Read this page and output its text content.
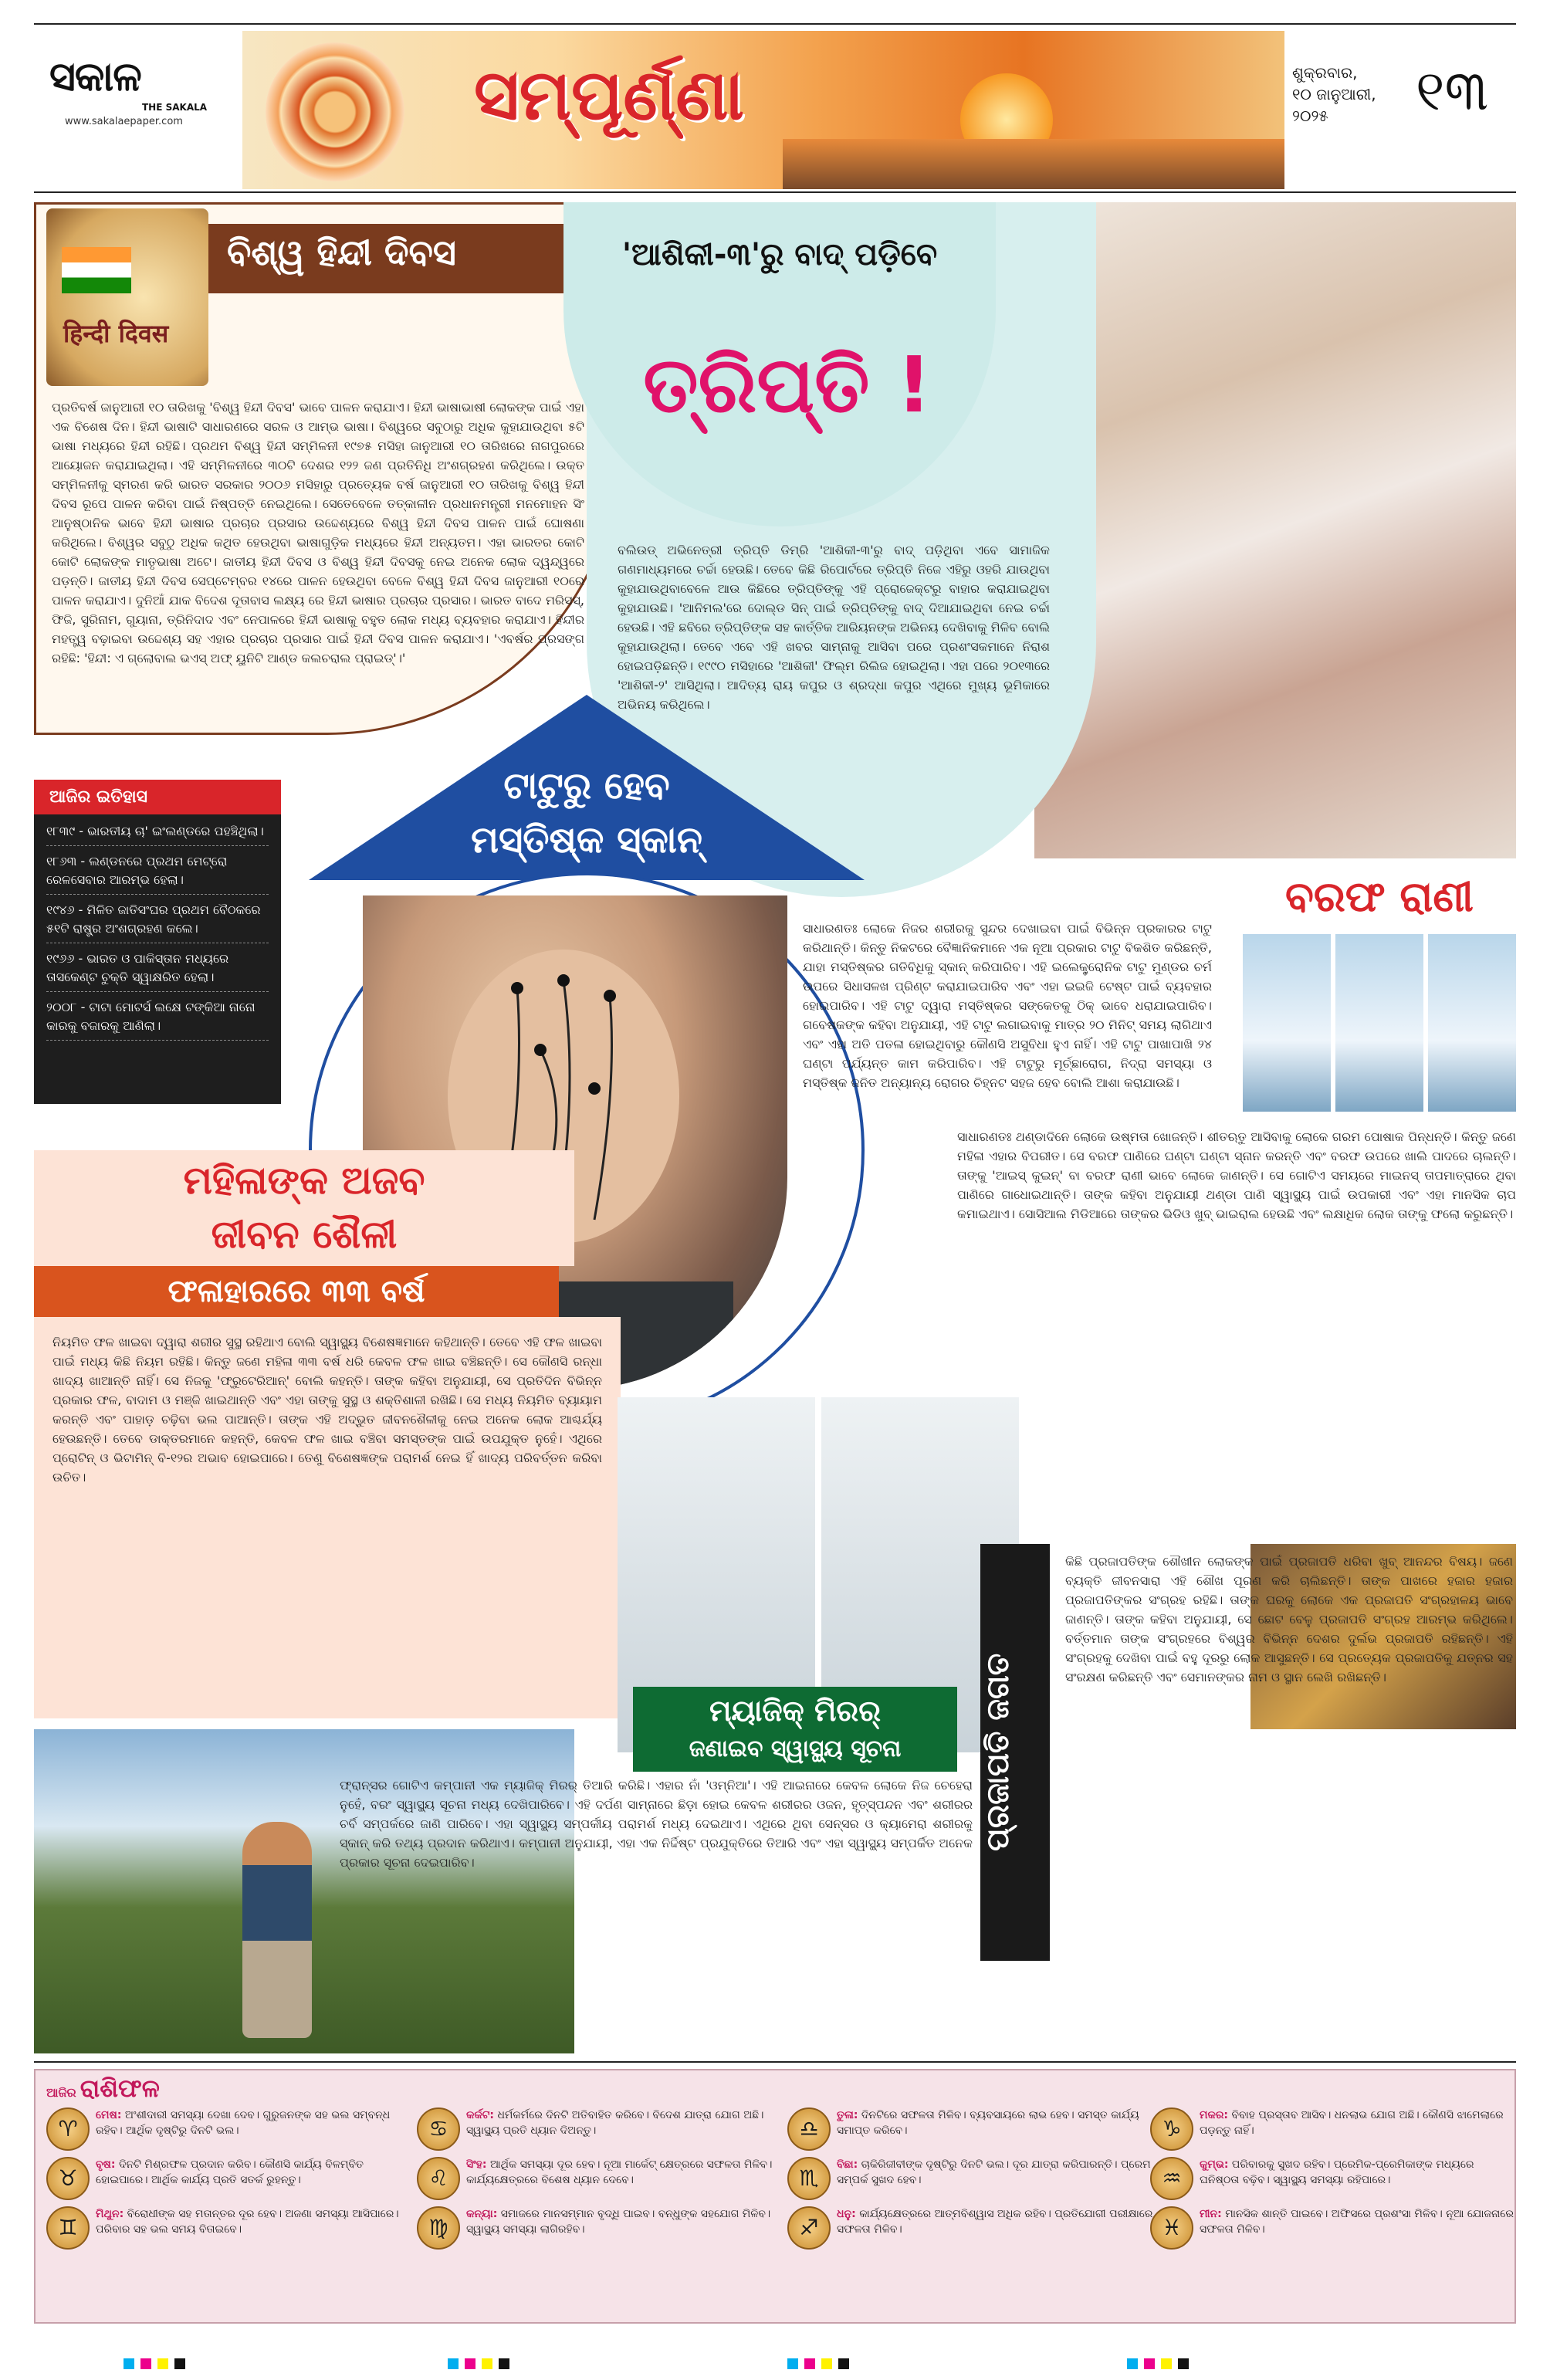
ସକାଳ
THE SAKALA
www.sakalaepaper.com	ସମ୍ପୂର୍ଣ୍ଣା	ଶୁକ୍ରବାର,
୧୦ ଜାନୁଆରୀ,
୨୦୨୫	୧୩
ପ୍ରତିବର୍ଷ ଜାନୁଆରୀ ୧୦ ତାରିଖକୁ 'ବିଶ୍ୱ ହିନ୍ଦୀ ଦିବସ' ଭାବେ ପାଳନ କରାଯାଏ। ହିନ୍ଦୀ ଭାଷାଭାଷୀ ଲୋକଙ୍କ ପାଇଁ ଏହା ଏକ ବିଶେଷ ଦିନ। ହିନ୍ଦୀ ଭାଷାଟି ସାଧାରଣରେ ସରଳ ଓ ଆମ୍ଭ ଭାଷା। ବିଶ୍ୱରେ ସବୁଠାରୁ ଅଧିକ କୁହାଯାଉଥିବା ୫ଟି ଭାଷା ମଧ୍ୟରେ ହିନ୍ଦୀ ରହିଛି। ପ୍ରଥମ ବିଶ୍ୱ ହିନ୍ଦୀ ସମ୍ମିଳନୀ ୧୯୭୫ ମସିହା ଜାନୁଆରୀ ୧୦ ତାରିଖରେ ନାଗପୁରରେ ଆୟୋଜନ କରାଯାଇଥିଲା। ଏହି ସମ୍ମିଳନୀରେ ୩୦ଟି ଦେଶର ୧୨୨ ଜଣ ପ୍ରତିନିଧି ଅଂଶଗ୍ରହଣ କରିଥିଲେ। ଉକ୍ତ ସମ୍ମିଳନୀକୁ ସ୍ମରଣ କରି ଭାରତ ସରକାର ୨୦୦୬ ମସିହାରୁ ପ୍ରତ୍ୟେକ ବର୍ଷ ଜାନୁଆରୀ ୧୦ ତାରିଖକୁ ବିଶ୍ୱ ହିନ୍ଦୀ ଦିବସ ରୂପେ ପାଳନ କରିବା ପାଇଁ ନିଷ୍ପତ୍ତି ନେଇଥିଲେ। ସେତେବେଳେ ତତ୍କାଳୀନ ପ୍ରଧାନମନ୍ତ୍ରୀ ମନମୋହନ ସିଂ ଆନୁଷ୍ଠାନିକ ଭାବେ ହିନ୍ଦୀ ଭାଷାର ପ୍ରଚାର ପ୍ରସାର ଉଦ୍ଦେଶ୍ୟରେ ବିଶ୍ୱ ହିନ୍ଦୀ ଦିବସ ପାଳନ ପାଇଁ ଘୋଷଣା କରିଥିଲେ। ବିଶ୍ୱର ସବୁଠୁ ଅଧିକ କଥିତ ହେଉଥିବା ଭାଷାଗୁଡ଼ିକ ମଧ୍ୟରେ ହିନ୍ଦୀ ଅନ୍ୟତମ। ଏହା ଭାରତର କୋଟି କୋଟି ଲୋକଙ୍କ ମାତୃଭାଷା ଅଟେ। ଜାତୀୟ ହିନ୍ଦୀ ଦିବସ ଓ ବିଶ୍ୱ ହିନ୍ଦୀ ଦିବସକୁ ନେଇ ଅନେକ ଲୋକ ଦ୍ୱନ୍ଦ୍ୱରେ ପଡ଼ନ୍ତି। ଜାତୀୟ ହିନ୍ଦୀ ଦିବସ ସେପ୍ଟେମ୍ବର ୧୪ରେ ପାଳନ ହେଉଥିବା ବେଳେ ବିଶ୍ୱ ହିନ୍ଦୀ ଦିବସ ଜାନୁଆରୀ ୧୦ରେ ପାଳନ କରାଯାଏ। ଦୁନିଆଁ ଯାକ ବିଦେଶ ଦୂତାବାସ ଲକ୍ଷ୍ୟ ରେ ହିନ୍ଦୀ ଭାଷାର ପ୍ରଚାର ପ୍ରସାର। ଭାରତ ବାଦେ ମରିସସ୍, ଫିଜି, ସୁରିନାମ, ଗୁୟାନା, ତ୍ରିନିଦାଦ ଏବଂ ନେପାଳରେ ହିନ୍ଦୀ ଭାଷାକୁ ବହୁତ ଲୋକ ମଧ୍ୟ ବ୍ୟବହାର କରାଯାଏ। ହିନ୍ଦୀର ମହତ୍ତ୍ୱ ବଢ଼ାଇବା ଉଦ୍ଦେଶ୍ୟ ସହ ଏହାର ପ୍ରଚାର ପ୍ରସାର ପାଇଁ ହିନ୍ଦୀ ଦିବସ ପାଳନ କରାଯାଏ। 'ଏବର୍ଷର ପ୍ରସଙ୍ଗ ରହିଛି: 'ହିନ୍ଦୀ: ଏ ଗ୍ଲୋବାଲ ଭଏସ୍ ଅଫ୍ ୟୁନିଟି ଆଣ୍ଡ କଲଚରାଲ ପ୍ରାଇଡ୍'।'
हिन्दी दिवस
ବିଶ୍ୱ ହିନ୍ଦୀ ଦିବସ	'ଆଶିକୀ-୩'ରୁ ବାଦ୍ ପଡ଼ିବେ
ତ୍ରିପ୍ତି !
ବଲିଉଡ୍ ଅଭିନେତ୍ରୀ ତ୍ରିପ୍ତି ଡିମ୍ରି 'ଆଶିକୀ-୩'ରୁ ବାଦ୍ ପଡ଼ିଥିବା ଏବେ ସାମାଜିକ ଗଣମାଧ୍ୟମରେ ଚର୍ଚ୍ଚା ହେଉଛି। ତେବେ କିଛି ରିପୋର୍ଟରେ ତ୍ରିପ୍ତି ନିଜେ ଏହିରୁ ଓହରି ଯାଉଥିବା କୁହାଯାଉଥିବାବେଳେ ଆଉ କିଛିରେ ତ୍ରିପ୍ତିଙ୍କୁ ଏହି ପ୍ରୋଜେକ୍ଟରୁ ବାହାର କରାଯାଇଥିବା କୁହାଯାଉଛି। 'ଆନିମଲ'ରେ ଦୋଲ୍ଡ ସିନ୍ ପାଇଁ ତ୍ରିପ୍ତିଙ୍କୁ ବାଦ୍ ଦିଆଯାଇଥିବା ନେଇ ଚର୍ଚ୍ଚା ହେଉଛି। ଏହି ଛବିରେ ତ୍ରିପ୍ତିଙ୍କ ସହ କାର୍ତ୍ତିକ ଆରିୟନଙ୍କ ଅଭିନୟ ଦେଖିବାକୁ ମିଳିବ ବୋଲି କୁହାଯାଉଥିଲା। ତେବେ ଏବେ ଏହି ଖବର ସାମ୍ନାକୁ ଆସିବା ପରେ ପ୍ରଶଂସକମାନେ ନିରାଶ ହୋଇପଡ଼ିଛନ୍ତି। ୧୯୯୦ ମସିହାରେ 'ଆଶିକୀ' ଫିଲ୍ମ ରିଲିଜ ହୋଇଥିଲା। ଏହା ପରେ ୨୦୧୩ରେ 'ଆଶିକୀ-୨' ଆସିଥିଲା। ଆଦିତ୍ୟ ରାୟ କପୁର ଓ ଶ୍ରଦ୍ଧା କପୁର ଏଥିରେ ମୁଖ୍ୟ ଭୂମିକାରେ ଅଭିନୟ କରିଥିଲେ।
ଆଜିର ଇତିହାସ
୧୮୩୯ - ଭାରତୀୟ ଚା' ଇଂଲଣ୍ଡରେ ପହଞ୍ଚିଥିଲା।
୧୮୬୩ - ଲଣ୍ଡନରେ ପ୍ରଥମ ମେଟ୍ରୋ ରେଳସେବାର ଆରମ୍ଭ ହେଲା।
୧୯୪୬ - ମିଳିତ ଜାତିସଂଘର ପ୍ରଥମ ବୈଠକରେ ୫୧ଟି ରାଷ୍ଟ୍ର ଅଂଶଗ୍ରହଣ କଲେ।
୧୯୬୬ - ଭାରତ ଓ ପାକିସ୍ତାନ ମଧ୍ୟରେ ତାସକେଣ୍ଟ ଚୁକ୍ତି ସ୍ୱାକ୍ଷରିତ ହେଲା।
୨୦୦୮ - ଟାଟା ମୋଟର୍ସ ଲକ୍ଷେ ଟଙ୍କିଆ ନାନୋ କାରକୁ ବଜାରକୁ ଆଣିଲା।
ଟାଟୁରୁ ହେବ
ମସ୍ତିଷ୍କ ସ୍କାନ୍
ସାଧାରଣତଃ ଲୋକେ ନିଜର ଶରୀରକୁ ସୁନ୍ଦର ଦେଖାଇବା ପାଇଁ ବିଭିନ୍ନ ପ୍ରକାରର ଟାଟୁ କରିଥାନ୍ତି। କିନ୍ତୁ ନିକଟରେ ବୈଜ୍ଞାନିକମାନେ ଏକ ନୂଆ ପ୍ରକାର ଟାଟୁ ବିକଶିତ କରିଛନ୍ତି, ଯାହା ମସ୍ତିଷ୍କର ଗତିବିଧିକୁ ସ୍କାନ୍ କରିପାରିବ। ଏହି ଇଲେକ୍ଟ୍ରୋନିକ ଟାଟୁ ମୁଣ୍ଡର ଚର୍ମ ଉପରେ ସିଧାସଳଖ ପ୍ରିଣ୍ଟ କରାଯାଇପାରିବ ଏବଂ ଏହା ଇଇଜି ଟେଷ୍ଟ ପାଇଁ ବ୍ୟବହାର ହୋଇପାରିବ। ଏହି ଟାଟୁ ଦ୍ୱାରା ମସ୍ତିଷ୍କର ସଙ୍କେତକୁ ଠିକ୍ ଭାବେ ଧରାଯାଇପାରିବ। ଗବେଷକଙ୍କ କହିବା ଅନୁଯାୟୀ, ଏହି ଟାଟୁ ଲଗାଇବାକୁ ମାତ୍ର ୨୦ ମିନିଟ୍ ସମୟ ଲାଗିଥାଏ ଏବଂ ଏହା ଅତି ପତଳା ହୋଇଥିବାରୁ କୌଣସି ଅସୁବିଧା ହୁଏ ନାହିଁ। ଏହି ଟାଟୁ ପାଖାପାଖି ୨୪ ଘଣ୍ଟା ପର୍ଯ୍ୟନ୍ତ କାମ କରିପାରିବ। ଏହି ଟାଟୁରୁ ମୂର୍ଚ୍ଛାରୋଗ, ନିଦ୍ରା ସମସ୍ୟା ଓ ମସ୍ତିଷ୍କ ଜନିତ ଅନ୍ୟାନ୍ୟ ରୋଗର ଚିହ୍ନଟ ସହଜ ହେବ ବୋଲି ଆଶା କରାଯାଉଛି।
ବରଫ ରାଣୀ
ସାଧାରଣତଃ ଥଣ୍ଡାଦିନେ ଲୋକେ ଉଷ୍ମତା ଖୋଜନ୍ତି। ଶୀତଋତୁ ଆସିବାକୁ ଲୋକେ ଗରମ ପୋଷାକ ପିନ୍ଧନ୍ତି। କିନ୍ତୁ ଜଣେ ମହିଳା ଏହାର ବିପରୀତ। ସେ ବରଫ ପାଣିରେ ଘଣ୍ଟା ଘଣ୍ଟା ସ୍ନାନ କରନ୍ତି ଏବଂ ବରଫ ଉପରେ ଖାଲି ପାଦରେ ଚାଲନ୍ତି। ତାଙ୍କୁ 'ଆଇସ୍ କୁଇନ୍' ବା ବରଫ ରାଣୀ ଭାବେ ଲୋକେ ଜାଣନ୍ତି। ସେ ଗୋଟିଏ ସମୟରେ ମାଇନସ୍ ତାପମାତ୍ରାରେ ଥିବା ପାଣିରେ ଗାଧୋଇଥାନ୍ତି। ତାଙ୍କ କହିବା ଅନୁଯାୟୀ ଥଣ୍ଡା ପାଣି ସ୍ୱାସ୍ଥ୍ୟ ପାଇଁ ଉପକାରୀ ଏବଂ ଏହା ମାନସିକ ଚାପ କମାଇଥାଏ। ସୋସିଆଲ ମିଡିଆରେ ତାଙ୍କର ଭିଡିଓ ଖୁବ୍ ଭାଇରାଲ ହେଉଛି ଏବଂ ଲକ୍ଷାଧିକ ଲୋକ ତାଙ୍କୁ ଫଲୋ କରୁଛନ୍ତି।
ମହିଳାଙ୍କ ଅଜବ
ଜୀବନ ଶୈଳୀ
ଫଳାହାରରେ ୩୩ ବର୍ଷ
ନିୟମିତ ଫଳ ଖାଇବା ଦ୍ୱାରା ଶରୀର ସୁସ୍ଥ ରହିଥାଏ ବୋଲି ସ୍ୱାସ୍ଥ୍ୟ ବିଶେଷଜ୍ଞମାନେ କହିଥାନ୍ତି। ତେବେ ଏହି ଫଳ ଖାଇବା ପାଇଁ ମଧ୍ୟ କିଛି ନିୟମ ରହିଛି। କିନ୍ତୁ ଜଣେ ମହିଳା ୩୩ ବର୍ଷ ଧରି କେବଳ ଫଳ ଖାଇ ବଞ୍ଚିଛନ୍ତି। ସେ କୌଣସି ରନ୍ଧା ଖାଦ୍ୟ ଖାଆନ୍ତି ନାହିଁ। ସେ ନିଜକୁ 'ଫ୍ରୁଟେରିଆନ୍' ବୋଲି କହନ୍ତି। ତାଙ୍କ କହିବା ଅନୁଯାୟୀ, ସେ ପ୍ରତିଦିନ ବିଭିନ୍ନ ପ୍ରକାର ଫଳ, ବାଦାମ ଓ ମଞ୍ଜି ଖାଇଥାନ୍ତି ଏବଂ ଏହା ତାଙ୍କୁ ସୁସ୍ଥ ଓ ଶକ୍ତିଶାଳୀ ରଖିଛି। ସେ ମଧ୍ୟ ନିୟମିତ ବ୍ୟାୟାମ କରନ୍ତି ଏବଂ ପାହାଡ଼ ଚଢ଼ିବା ଭଲ ପାଆନ୍ତି। ତାଙ୍କ ଏହି ଅଦ୍ଭୁତ ଜୀବନଶୈଳୀକୁ ନେଇ ଅନେକ ଲୋକ ଆଶ୍ଚର୍ଯ୍ୟ ହେଉଛନ୍ତି। ତେବେ ଡାକ୍ତରମାନେ କହନ୍ତି, କେବଳ ଫଳ ଖାଇ ବଞ୍ଚିବା ସମସ୍ତଙ୍କ ପାଇଁ ଉପଯୁକ୍ତ ନୁହେଁ। ଏଥିରେ ପ୍ରୋଟିନ୍ ଓ ଭିଟାମିନ୍ ବି-୧୨ର ଅଭାବ ହୋଇପାରେ। ତେଣୁ ବିଶେଷଜ୍ଞଙ୍କ ପରାମର୍ଶ ନେଇ ହିଁ ଖାଦ୍ୟ ପରିବର୍ତ୍ତନ କରିବା ଉଚିତ।
ମ୍ୟାଜିକ୍ ମିରର୍
ଜଣାଇବ ସ୍ୱାସ୍ଥ୍ୟ ସୂଚନା
ଫ୍ରାନ୍ସର ଗୋଟିଏ କମ୍ପାନୀ ଏକ ମ୍ୟାଜିକ୍ ମିରର୍ ତିଆରି କରିଛି। ଏହାର ନାଁ 'ଓମ୍ନିଆ'। ଏହି ଆଇନାରେ କେବଳ ଲୋକେ ନିଜ ଚେହେରା ନୁହେଁ, ବରଂ ସ୍ୱାସ୍ଥ୍ୟ ସୂଚନା ମଧ୍ୟ ଦେଖିପାରିବେ। ଏହି ଦର୍ପଣ ସାମ୍ନାରେ ଛିଡ଼ା ହୋଇ କେବଳ ଶରୀରର ଓଜନ, ହୃତ୍‌ସ୍ପନ୍ଦନ ଏବଂ ଶରୀରର ଚର୍ବି ସମ୍ପର୍କରେ ଜାଣି ପାରିବେ। ଏହା ସ୍ୱାସ୍ଥ୍ୟ ସମ୍ପର୍କୀୟ ପରାମର୍ଶ ମଧ୍ୟ ଦେଇଥାଏ। ଏଥିରେ ଥିବା ସେନ୍ସର ଓ କ୍ୟାମେରା ଶରୀରକୁ ସ୍କାନ୍ କରି ତଥ୍ୟ ପ୍ରଦାନ କରିଥାଏ। କମ୍ପାନୀ ଅନୁଯାୟୀ, ଏହା ଏକ ନିର୍ଦ୍ଦିଷ୍ଟ ପ୍ରଯୁକ୍ତିରେ ତିଆରି ଏବଂ ଏହା ସ୍ୱାସ୍ଥ୍ୟ ସମ୍ପର୍କିତ ଅନେକ ପ୍ରକାର ସୂଚନା ଦେଇପାରିବ।
ପ୍ରଜାପତି ଜଗତ
କିଛି ପ୍ରଜାପତିଙ୍କ ଶୌଖୀନ ଲୋକଙ୍କ ପାଇଁ ପ୍ରଜାପତି ଧରିବା ଖୁବ୍ ଆନନ୍ଦର ବିଷୟ। ଜଣେ ବ୍ୟକ୍ତି ଜୀବନସାରା ଏହି ଶୌଖ ପୂରଣ କରି ଚାଲିଛନ୍ତି। ତାଙ୍କ ପାଖରେ ହଜାର ହଜାର ପ୍ରଜାପତିଙ୍କର ସଂଗ୍ରହ ରହିଛି। ତାଙ୍କ ଘରକୁ ଲୋକେ ଏକ ପ୍ରଜାପତି ସଂଗ୍ରହାଳୟ ଭାବେ ଜାଣନ୍ତି। ତାଙ୍କ କହିବା ଅନୁଯାୟୀ, ସେ ଛୋଟ ବେଳୁ ପ୍ରଜାପତି ସଂଗ୍ରହ ଆରମ୍ଭ କରିଥିଲେ। ବର୍ତ୍ତମାନ ତାଙ୍କ ସଂଗ୍ରହରେ ବିଶ୍ୱର ବିଭିନ୍ନ ଦେଶର ଦୁର୍ଲଭ ପ୍ରଜାପତି ରହିଛନ୍ତି। ଏହି ସଂଗ୍ରହକୁ ଦେଖିବା ପାଇଁ ବହୁ ଦୂରରୁ ଲୋକ ଆସୁଛନ୍ତି। ସେ ପ୍ରତ୍ୟେକ ପ୍ରଜାପତିକୁ ଯତ୍ନର ସହ ସଂରକ୍ଷଣ କରିଛନ୍ତି ଏବଂ ସେମାନଙ୍କର ନାମ ଓ ସ୍ଥାନ ଲେଖି ରଖିଛନ୍ତି।
ଆଜିର ରାଶିଫଳ
♈
ମେଷ: ଅଂଶୀଦାରୀ ସମସ୍ୟା ଦେଖା ଦେବ। ଗୁରୁଜନଙ୍କ ସହ ଭଲ ସମ୍ବନ୍ଧ ରହିବ। ଆର୍ଥିକ ଦୃଷ୍ଟିରୁ ଦିନଟି ଭଲ।
♉
ବୃଷ: ଦିନଟି ମିଶ୍ରଫଳ ପ୍ରଦାନ କରିବ। କୌଣସି କାର୍ଯ୍ୟ ବିଳମ୍ବିତ ହୋଇପାରେ। ଆର୍ଥିକ କାର୍ଯ୍ୟ ପ୍ରତି ସତର୍କ ରୁହନ୍ତୁ।
♊
ମିଥୁନ: ବିରୋଧୀଙ୍କ ସହ ମତାନ୍ତର ଦୂର ହେବ। ଅଜଣା ସମସ୍ୟା ଆସିପାରେ। ପରିବାର ସହ ଭଲ ସମୟ ବିତାଇବେ।
♋
କର୍କଟ: ଧର୍ମକର୍ମରେ ଦିନଟି ଅତିବାହିତ କରିବେ। ବିଦେଶ ଯାତ୍ରା ଯୋଗ ଅଛି। ସ୍ୱାସ୍ଥ୍ୟ ପ୍ରତି ଧ୍ୟାନ ଦିଅନ୍ତୁ।
♌
ସିଂହ: ଆର୍ଥିକ ସମସ୍ୟା ଦୂର ହେବ। ନୂଆ ମାର୍କେଟ୍ କ୍ଷେତ୍ରରେ ସଫଳତା ମିଳିବ। କାର୍ଯ୍ୟକ୍ଷେତ୍ରରେ ବିଶେଷ ଧ୍ୟାନ ଦେବେ।
♍
କନ୍ୟା: ସମାଜରେ ମାନସମ୍ମାନ ବୃଦ୍ଧି ପାଇବ। ବନ୍ଧୁଙ୍କ ସହଯୋଗ ମିଳିବ। ସ୍ୱାସ୍ଥ୍ୟ ସମସ୍ୟା ଲାଗିରହିବ।
♎
ତୁଳା: ଦିନଟିରେ ସଫଳତା ମିଳିବ। ବ୍ୟବସାୟରେ ଲାଭ ହେବ। ସମସ୍ତ କାର୍ଯ୍ୟ ସମାପ୍ତ କରିବେ।
♏
ବିଛା: ଚାକିରିଜୀବୀଙ୍କ ଦୃଷ୍ଟିରୁ ଦିନଟି ଭଲ। ଦୂର ଯାତ୍ରା କରିପାରନ୍ତି। ପ୍ରେମ ସମ୍ପର୍କ ସୁଖଦ ହେବ।
♐
ଧନୁ: କାର୍ଯ୍ୟକ୍ଷେତ୍ରରେ ଆତ୍ମବିଶ୍ୱାସ ଅଧିକ ରହିବ। ପ୍ରତିଯୋଗୀ ପରୀକ୍ଷାରେ ସଫଳତା ମିଳିବ।
♑
ମକର: ବିବାହ ପ୍ରସ୍ତାବ ଆସିବ। ଧନଲାଭ ଯୋଗ ଅଛି। କୌଣସି ଝାମେଲାରେ ପଡ଼ନ୍ତୁ ନାହିଁ।
♒
କୁମ୍ଭ: ପରିବାରକୁ ସୁଖଦ ରହିବ। ପ୍ରେମିକ-ପ୍ରେମିକାଙ୍କ ମଧ୍ୟରେ ଘନିଷ୍ଠତା ବଢ଼ିବ। ସ୍ୱାସ୍ଥ୍ୟ ସମସ୍ୟା ରହିପାରେ।
♓
ମୀନ: ମାନସିକ ଶାନ୍ତି ପାଇବେ। ଅଫିସରେ ପ୍ରଶଂସା ମିଳିବ। ନୂଆ ଯୋଜନାରେ ସଫଳତା ମିଳିବ।
